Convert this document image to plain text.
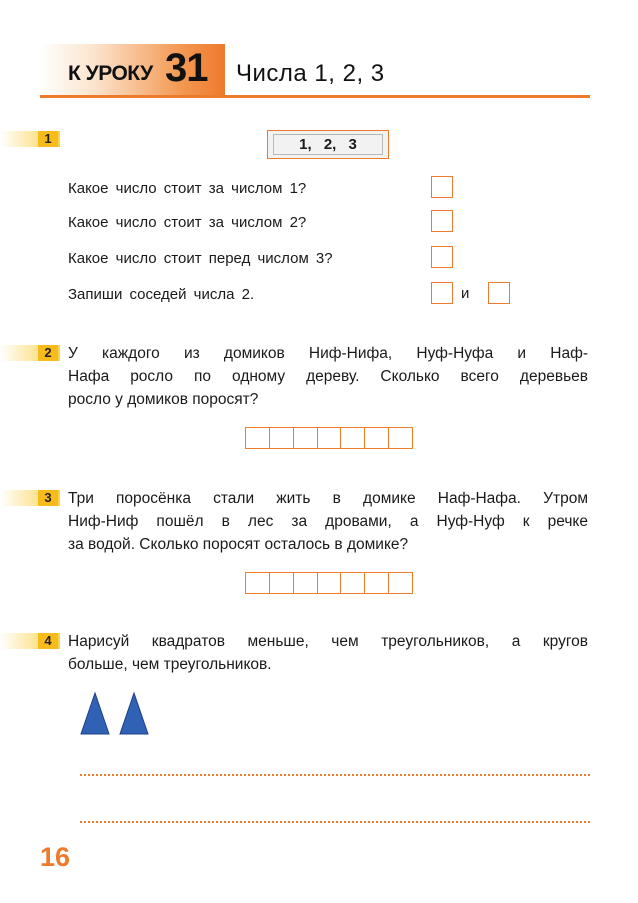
К УРОКУ 31 Числа 1, 2, 3
1	1, 2, 3
Какое число стоит за числом 1?
Какое число стоит за числом 2?
Какое число стоит перед числом 3?
Запиши соседей числа 2.	и
2	У каждого из домиков Ниф-Нифа, Нуф-Нуфа и Наф-
Нафа росло по одному дереву. Сколько всего деревьев
росло у домиков поросят?
3	Три поросёнка стали жить в домике Наф-Нафа. Утром
Ниф-Ниф пошёл в лес за дровами, а Нуф-Нуф к речке
за водой. Сколько поросят осталось в домике?
4	Нарисуй квадратов меньше, чем треугольников, а кругов
больше, чем треугольников.
16
